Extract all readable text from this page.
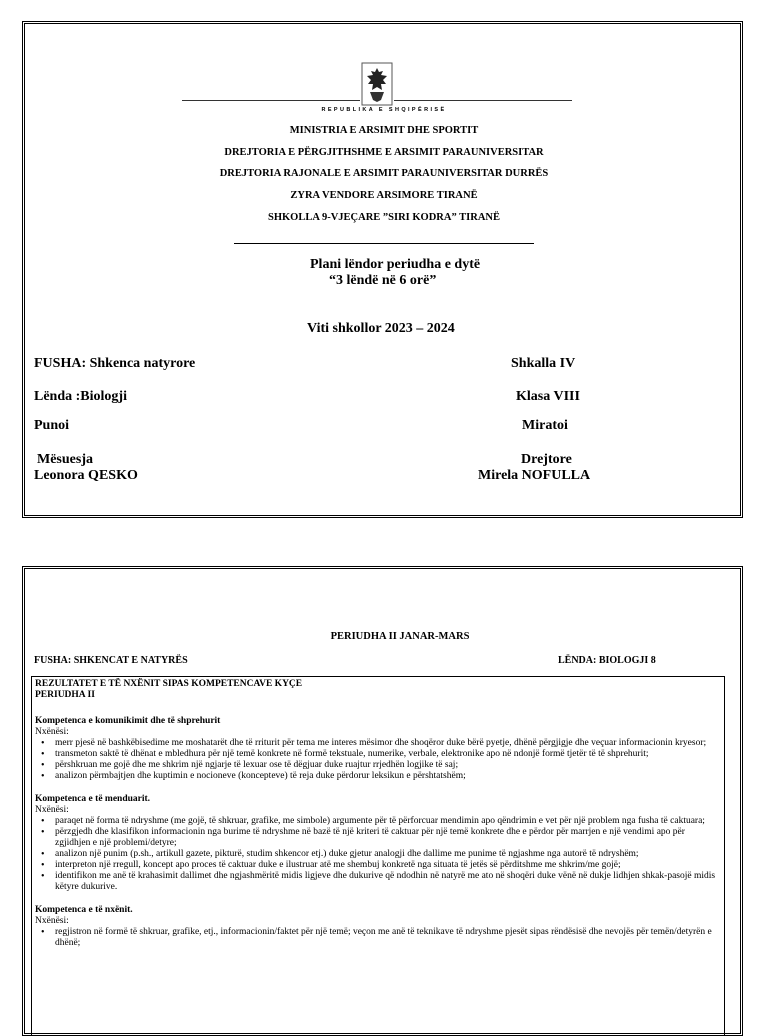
REPUBLIKA E SHQIPËRISË
MINISTRIA E ARSIMIT DHE SPORTIT
DREJTORIA E PËRGJITHSHME E ARSIMIT PARAUNIVERSITAR
DREJTORIA RAJONALE E ARSIMIT PARAUNIVERSITAR DURRËS
ZYRA VENDORE ARSIMORE TIRANË
SHKOLLA 9-VJEÇARE ”SIRI KODRA” TIRANË
Plani lëndor periudha e dytë
“3 lëndë në 6 orë”
Viti shkollor 2023 – 2024
FUSHA: Shkenca natyrore	Shkalla IV
Lënda :Biologji	Klasa VIII
Punoi	Miratoi
Mësuesja
Leonora QESKO
Drejtore
Mirela NOFULLA
PERIUDHA II JANAR-MARS
FUSHA: SHKENCAT E NATYRËS	LËNDA: BIOLOGJI 8
REZULTATET E TË NXËNIT SIPAS KOMPETENCAVE KYÇE
PERIUDHA II
Kompetenca e komunikimit dhe të shprehurit
Nxënësi:
• merr pjesë në bashkëbisedime me moshatarët dhe të rriturit për tema me interes mësimor dhe shoqëror duke bërë pyetje, dhënë përgjigje dhe veçuar informacionin kryesor;
• transmeton saktë të dhënat e mbledhura për një temë konkrete në formë tekstuale, numerike, verbale, elektronike apo në ndonjë formë tjetër të të shprehurit;
• përshkruan me gojë dhe me shkrim një ngjarje të lexuar ose të dëgjuar duke ruajtur rrjedhën logjike të saj;
• analizon përmbajtjen dhe kuptimin e nocioneve (koncepteve) të reja duke përdorur leksikun e përshtatshëm;
Kompetenca e të menduarit.
Nxënësi:
• paraqet në forma të ndryshme (me gojë, të shkruar, grafike, me simbole) argumente për të përforcuar mendimin apo qëndrimin e vet për një problem nga fusha të caktuara;
• përzgjedh dhe klasifikon informacionin nga burime të ndryshme në bazë të një kriteri të caktuar për një temë konkrete dhe e përdor për marrjen e një vendimi apo për zgjidhjen e një problemi/detyre;
• analizon një punim (p.sh., artikull gazete, pikturë, studim shkencor etj.) duke gjetur analogji dhe dallime me punime të ngjashme nga autorë të ndryshëm;
• interpreton një rregull, koncept apo proces të caktuar duke e ilustruar atë me shembuj konkretë nga situata të jetës së përditshme me shkrim/me gojë;
• identifikon me anë të krahasimit dallimet dhe ngjashmëritë midis ligjeve dhe dukurive që ndodhin në natyrë me ato në shoqëri duke vënë në dukje lidhjen shkak-pasojë midis këtyre dukurive.
Kompetenca e të nxënit.
Nxënësi:
• regjistron në formë të shkruar, grafike, etj., informacionin/faktet për një temë; veçon me anë të teknikave të ndryshme pjesët sipas rëndësisë dhe nevojës për temën/detyrën e dhënë;
